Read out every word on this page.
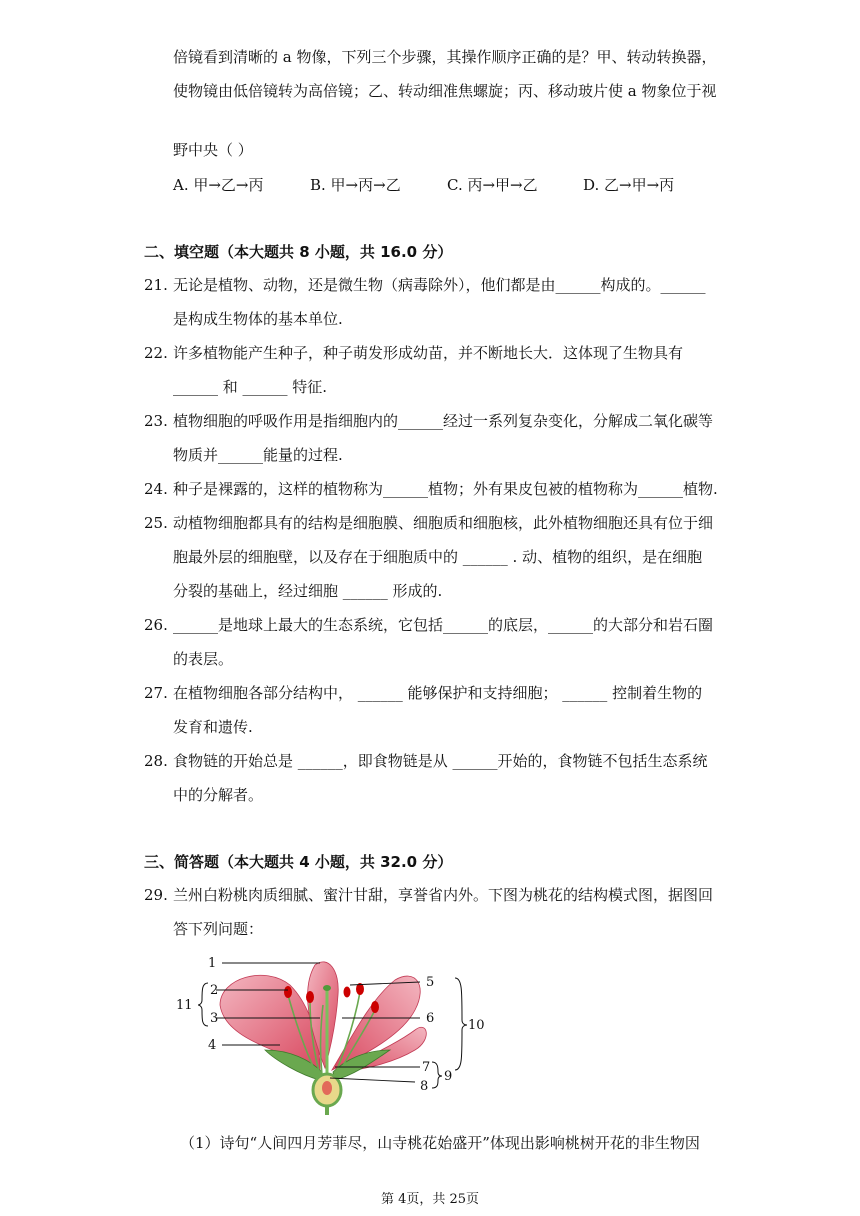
倍镜看到清晰的 a 物像，下列三个步骤，其操作顺序正确的是？甲、转动转换器，
使物镜由低倍镜转为高倍镜；乙、转动细准焦螺旋；丙、移动玻片使 a 物象位于视
野中央（ ）
A. 甲→乙→丙	B. 甲→丙→乙	C. 丙→甲→乙	D. 乙→甲→丙
二、填空题（本大题共 8 小题，共 16.0 分）
21. 无论是植物、动物，还是微生物（病毒除外），他们都是由______构成的。______
是构成生物体的基本单位.
22. 许多植物能产生种子，种子萌发形成幼苗，并不断地长大．这体现了生物具有
______ 和 ______ 特征.
23. 植物细胞的呼吸作用是指细胞内的______经过一系列复杂变化，分解成二氧化碳等
物质并______能量的过程.
24. 种子是裸露的，这样的植物称为______植物；外有果皮包被的植物称为______植物.
25. 动植物细胞都具有的结构是细胞膜、细胞质和细胞核，此外植物细胞还具有位于细
胞最外层的细胞壁，以及存在于细胞质中的 ______ . 动、植物的组织，是在细胞
分裂的基础上，经过细胞 ______ 形成的.
26. ______是地球上最大的生态系统，它包括______的底层，______的大部分和岩石圈
的表层。
27. 在植物细胞各部分结构中， ______ 能够保护和支持细胞； ______ 控制着生物的
发育和遗传.
28. 食物链的开始总是 ______，即食物链是从 ______开始的，食物链不包括生态系统
中的分解者。
三、简答题（本大题共 4 小题，共 32.0 分）
29. 兰州白粉桃肉质细腻、蜜汁甘甜，享誉省内外。下图为桃花的结构模式图，据图回
答下列问题：
1
2
3
4
5
6
7
8
9
10
11
（1）诗句“人间四月芳菲尽，山寺桃花始盛开”体现出影响桃树开花的非生物因
第 4页，共 25页
